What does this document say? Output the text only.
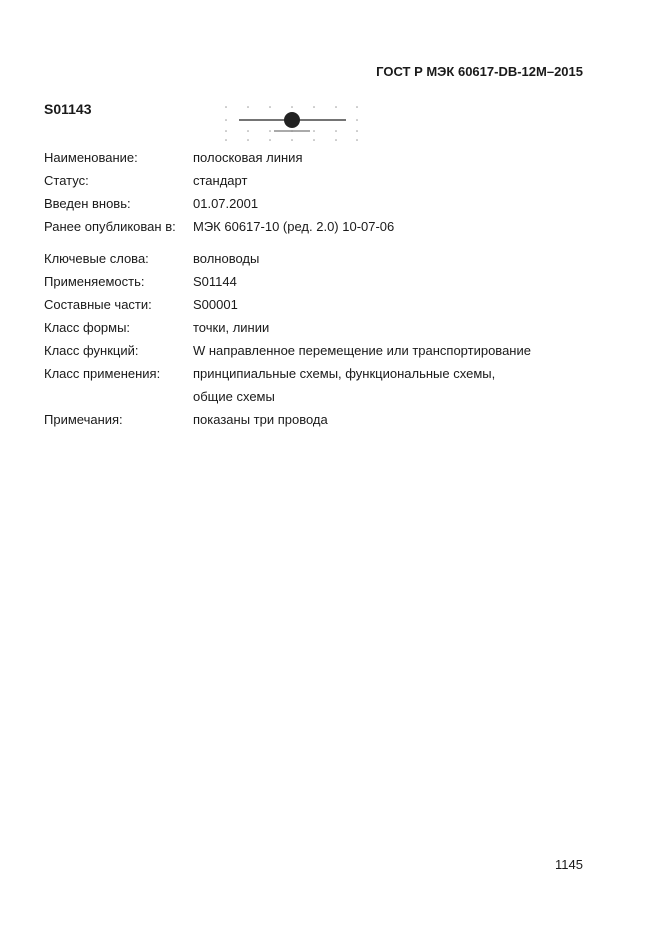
ГОСТ Р МЭК 60617-DB-12M–2015
S01143
Наименование:	полосковая линия
Статус:	стандарт
Введен вновь:	01.07.2001
Ранее опубликован в: МЭК 60617-10 (ред. 2.0) 10-07-06
Ключевые слова:	волноводы
Применяемость:	S01144
Составные части:	S00001
Класс формы:	точки, линии
Класс функций:	W направленное перемещение или транспортирование
Класс применения:	принципиальные схемы, функциональные схемы,
общие схемы
Примечания:	показаны три провода
1145
